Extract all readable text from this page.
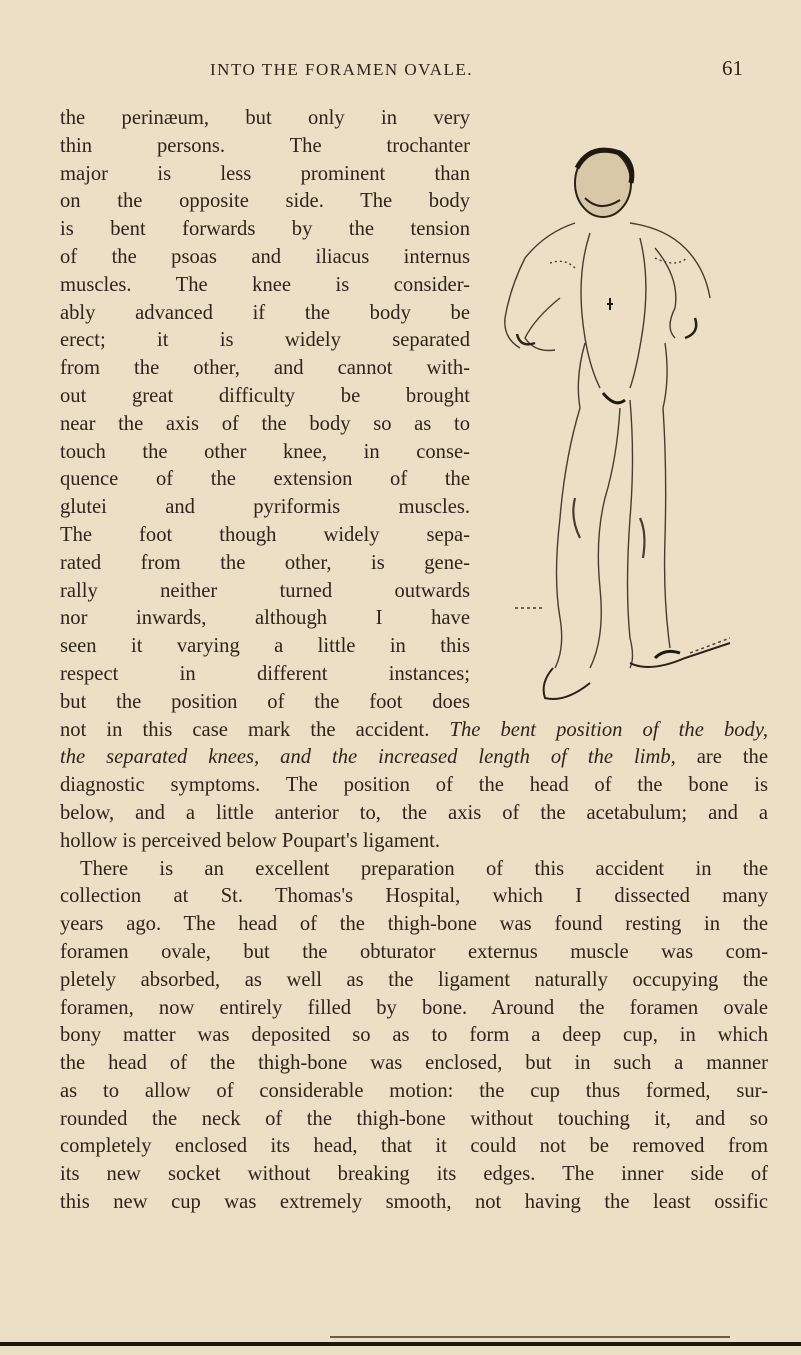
INTO THE FORAMEN OVALE.	61
the perinæum, but only in very
thin persons. The trochanter
major is less prominent than
on the opposite side. The body
is bent forwards by the tension
of the psoas and iliacus internus
muscles. The knee is consider-
ably advanced if the body be
erect; it is widely separated
from the other, and cannot with-
out great difficulty be brought
near the axis of the body so as to
touch the other knee, in conse-
quence of the extension of the
glutei and pyriformis muscles.
The foot though widely sepa-
rated from the other, is gene-
rally neither turned outwards
nor inwards, although I have
seen it varying a little in this
respect in different instances;
but the position of the foot does
not in this case mark the accident. The bent position of the body,
the separated knees, and the increased length of the limb, are the
diagnostic symptoms. The position of the head of the bone is
below, and a little anterior to, the axis of the acetabulum; and a
hollow is perceived below Poupart's ligament.
There is an excellent preparation of this accident in the
collection at St. Thomas's Hospital, which I dissected many
years ago. The head of the thigh-bone was found resting in the
foramen ovale, but the obturator externus muscle was com-
pletely absorbed, as well as the ligament naturally occupying the
foramen, now entirely filled by bone. Around the foramen ovale
bony matter was deposited so as to form a deep cup, in which
the head of the thigh-bone was enclosed, but in such a manner
as to allow of considerable motion: the cup thus formed, sur-
rounded the neck of the thigh-bone without touching it, and so
completely enclosed its head, that it could not be removed from
its new socket without breaking its edges. The inner side of
this new cup was extremely smooth, not having the least ossific
